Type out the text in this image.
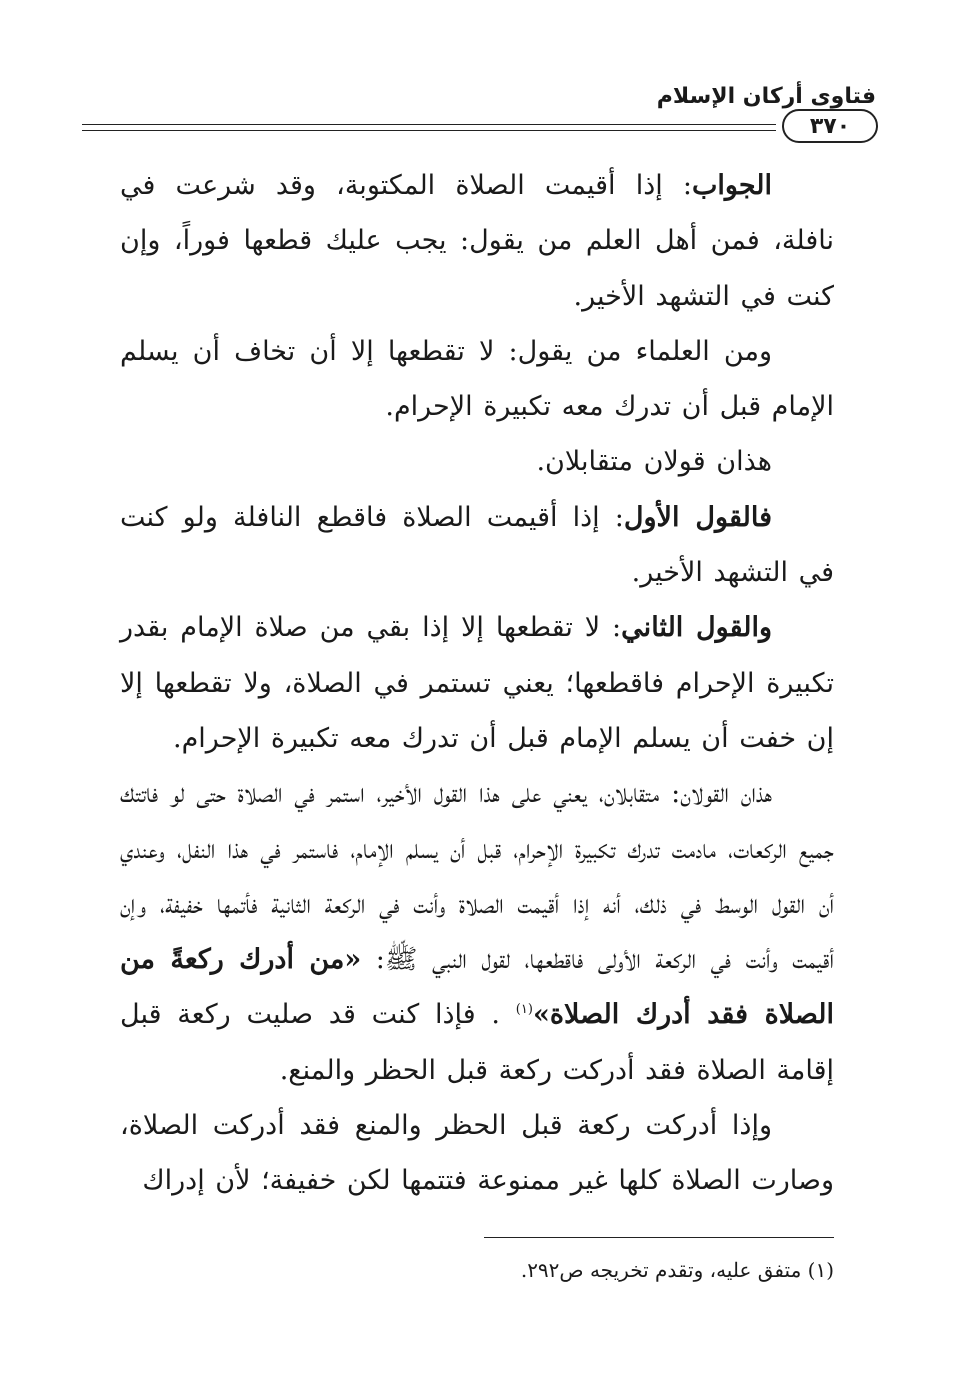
فتاوى أركان الإسلام
٣٧٠

الجواب: إذا أقيمت الصلاة المكتوبة، وقد شرعت في نافلة، فمن أهل العلم من يقول: يجب عليك قطعها فوراً، وإن كنت في التشهد الأخير.

ومن العلماء من يقول: لا تقطعها إلا أن تخاف أن يسلم الإمام قبل أن تدرك معه تكبيرة الإحرام.

هذان قولان متقابلان.

فالقول الأول: إذا أقيمت الصلاة فاقطع النافلة ولو كنت في التشهد الأخير.

والقول الثاني: لا تقطعها إلا إذا بقي من صلاة الإمام بقدر تكبيرة الإحرام فاقطعها؛ يعني تستمر في الصلاة، ولا تقطعها إلا إن خفت أن يسلم الإمام قبل أن تدرك معه تكبيرة الإحرام.

هذان القولان: متقابلان، يعني على هذا القول الأخير، استمر في الصلاة حتى لو فاتتك جميع الركعات، مادمت تدرك تكبيرة الإحرام، قبل أن يسلم الإمام، فاستمر في هذا النفل، وعندي أن القول الوسط في ذلك، أنه إذا أقيمت الصلاة وأنت في الركعة الثانية فأتمها خفيفة، وإن أقيمت وأنت في الركعة الأولى فاقطعها، لقول النبي ﷺ: «من أدرك ركعةً من الصلاة فقد أدرك الصلاة»$^{(١)}$ . فإذا كنت قد صليت ركعة قبل إقامة الصلاة فقد أدركت ركعة قبل الحظر والمنع.

وإذا أدركت ركعة قبل الحظر والمنع فقد أدركت الصلاة، وصارت الصلاة كلها غير ممنوعة فتتمها لكن خفيفة؛ لأن إدراك

(١) متفق عليه، وتقدم تخريجه ص٢٩٢.
